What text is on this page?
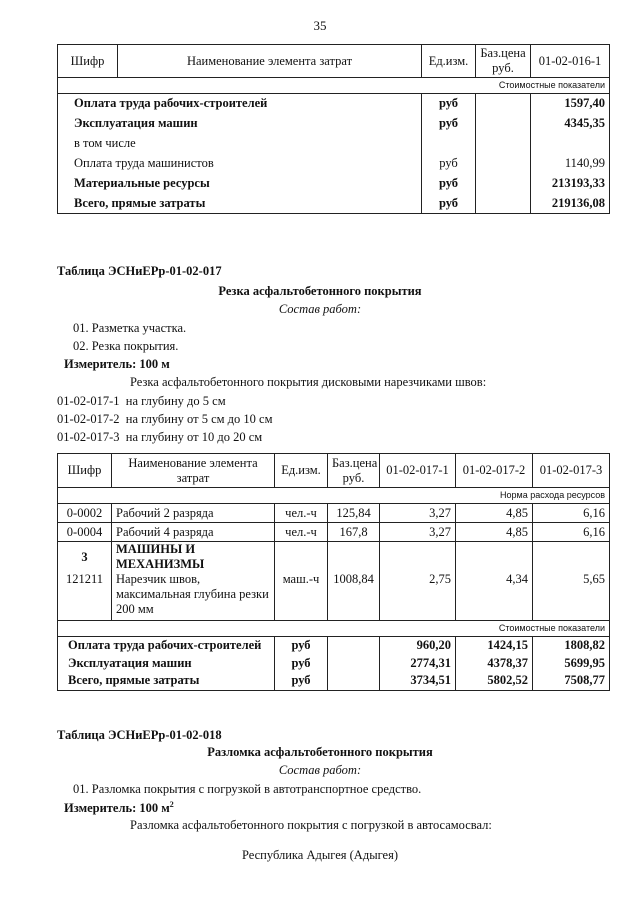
35
Шифр	Наименование элемента затрат	Ед.изм.	Баз.цена руб.	01-02-016-1
Стоимостные показатели				
Оплата труда рабочих-строителей		руб		1597,40
Эксплуатация машин		руб		4345,35
в том числе				
Оплата труда машинистов		руб		1140,99
Материальные ресурсы		руб		213193,33
Всего, прямые затраты		руб		219136,08
Таблица ЭСНиЕРр-01-02-017
Резка асфальтобетонного покрытия
Состав работ:
01. Разметка участка.
02. Резка покрытия.
Измеритель: 100 м
Резка асфальтобетонного покрытия дисковыми нарезчиками швов:
01-02-017-1 на глубину до 5 см
01-02-017-2 на глубину от 5 см до 10 см
01-02-017-3 на глубину от 10 до 20 см
Шифр	Наименование элемента затрат	Ед.изм.	Баз.цена руб.	01-02-017-1	01-02-017-2	01-02-017-3
Норма расхода ресурсов						
0-0002	Рабочий 2 разряда	чел.-ч	125,84	3,27	4,85	6,16
0-0004	Рабочий 4 разряда	чел.-ч	167,8	3,27	4,85	6,16
3	МАШИНЫ И МЕХАНИЗМЫ					
121211	Нарезчик швов, максимальная глубина резки 200 мм	маш.-ч	1008,84	2,75	4,34	5,65
Стоимостные показатели						
Оплата труда рабочих-строителей		руб		960,20	1424,15	1808,82
Эксплуатация машин		руб		2774,31	4378,37	5699,95
Всего, прямые затраты		руб		3734,51	5802,52	7508,77
Таблица ЭСНиЕРр-01-02-018
Разломка асфальтобетонного покрытия
Состав работ:
01. Разломка покрытия с погрузкой в автотранспортное средство.
Измеритель: 100 $м^2$
Разломка асфальтобетонного покрытия с погрузкой в автосамосвал:
Республика Адыгея (Адыгея)
